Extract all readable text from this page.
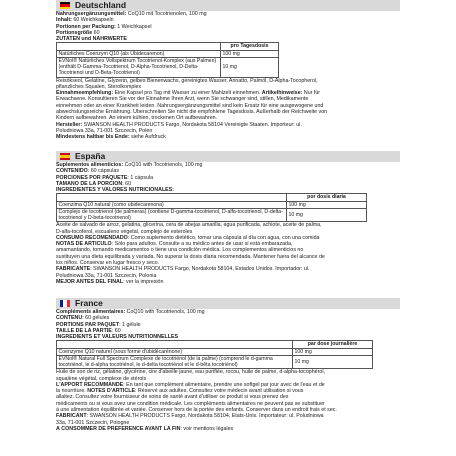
Deutschland
Nahrungsergänzungsmittel: CoQ10 mit Tocotrienolen, 100 mg
Inhalt: 60 Weichkapseln
Portionen per Packung: 1 Weichkapsel
Portionsgröße 60
ZUTATEN und NÄHRWERTE
	pro Tagesdosis
Natürliches Coenzym Q10 (als Ubidecarenon)	100 mg
EVNol® Natürliches Vollspektrum Tocotrienol-Komplex (aus Palmen) (enthält D-Gamma-Tocotrienol, D-Alpha-Tocotrienol, D-Delta-Tocotrienol und D-Beta-Tocotrienol)	10 mg
Reisökseol, Gelatine, Glyzerin, gelbes Bienenwachs, gereinigtes Wasser, Annatto, Palmöl, D-Alpha-Tocopherol,
pflanzliches Squalen, Sterolkomplex
Einnahmeempfehlung: Eine Kapsel pro Tag mit Wasser zu einer Mahlzeit einnehmen. Artikelhinweise: Nur für
Erwachsene. Konsultieren Sie vor der Einnahme Ihren Arzt, wenn Sie schwanger sind, stillen, Medikamente
einnehmen oder an einer Krankheit leiden. Nahrungsergänzungsmittel sind kein Ersatz für eine ausgewogene und
abwechslungsreiche Ernährung. Überschreiten Sie nicht die empfohlene Tagesdosis. Außerhalb der Reichweite von
Kindern aufbewahren. An einem kühlen, trockenen Ort aufbewahren.
Hersteller: SWANSON HEALTH PRODUCTS Fargo, Nordakota 58104 Vereinigte Staaten. Importeur: ul.
Poludniowa 33a, 71-001 Szczecin, Polen
Mindestens haltbar bis Ende: siehe Aufdruck
España
Suplementos alimenticios: CoQ10 with Tocotrienols, 100 mg
CONTENIDO: 60 cápsulas
PORCIONES POR PAQUETE: 1 cápsula
TAMAÑO DE LA PORCIÓN: 60
INGREDIENTES Y VALORES NUTRICIONALES:
	por dosis diaria
Coenzima Q10 natural (como ubidecarenona)	100 mg
Complejo de tocotrienol (de palmeras) (contiene D-gamma-tocotrienol, D-alfa-tocotrienol, D-delta-tocotrienol y D-beta-tocotrienol)	10 mg
Aceite de salvado de arroz, gelatina, glicerina, cera de abejas amarilla, agua purificada, achiote, aceite de palma,
D-alfa-tocoferol, escualeno vegetal, complejo de esteroles
CONSUMO RECOMENDADO: Como suplemento dietético, tomar una cápsula al día con agua, con una comida
NOTAS DE ARTÍCULO: Sólo para adultos. Consulte a su médico antes de usar si está embarazada,
amamantando, tomando medicamentos o tiene una condición médica. Los complementos alimenticios no
sustituyen una dieta equilibrada y variada. No superar la dosis diaria recomendada. Mantener fuera del alcance de
los niños. Conservar en lugar fresco y seco.
FABRICANTE: SWANSON HEALTH PRODUCTS Fargo, Nordakota 58104, Estados Unidos. Importador: ul.
Poludniowa 33a, 71-001 Szczecin, Polonia
MEJOR ANTES DEL FINAL: ver la impresión
France
Compléments alimentaires: CoQ10 with Tocotrienols, 100 mg
CONTENU: 60 gélules
PORTIONS PAR PAQUET: 1 gélule
TAILLE DE LA PARTIE: 60
INGRÉDIENTS ET VALEURS NUTRITIONNELLES
	par dose journalière
Coenzyme Q10 naturel (sous forme d'ubidécarénone)	100 mg
EVNol® Natural Full Spectrum Complexe de tocotriénol (de la palme) (comprend le d-gamma tocotriénol, le d-alpha tocotriénol, le d-delta tocotriénol et le d-bêta tocotriénol)	10 mg
Huile de son de riz, gélatine, glycérine, cire d'abeille jaune, eau purifiée, rocou, huile de palme, d-alpha-tocophérol,
squalène végétal, complexe de stérols
L'APPORT RECOMMANDÉ: En tant que complément alimentaire, prendre une softgel par jour avec de l'eau et de
la nourriture. NOTES D'ARTICLE: Réservé aux adultes. Consultez votre médecin avant utilisation si vous
allaitez. Consultez votre fournisseur de soins de santé avant d'utiliser ce produit si vous prenez des
médicaments ou si vous avez une condition médicale. Les compléments alimentaires ne peuvent pas se substituer
à une alimentation équilibrée et variée. Conserver hors de la portée des enfants. Conserver dans un endroit frais et sec.
FABRICANT: SWANSON HEALTH PRODUCTS Fargo, Nordakota 58104, États-Unis. Importateur: ul. Poludniowa
33a, 71-001 Szczecin, Pologne
À CONSOMMER DE PRÉFÉRENCE AVANT LA FIN: voir mentions légales
